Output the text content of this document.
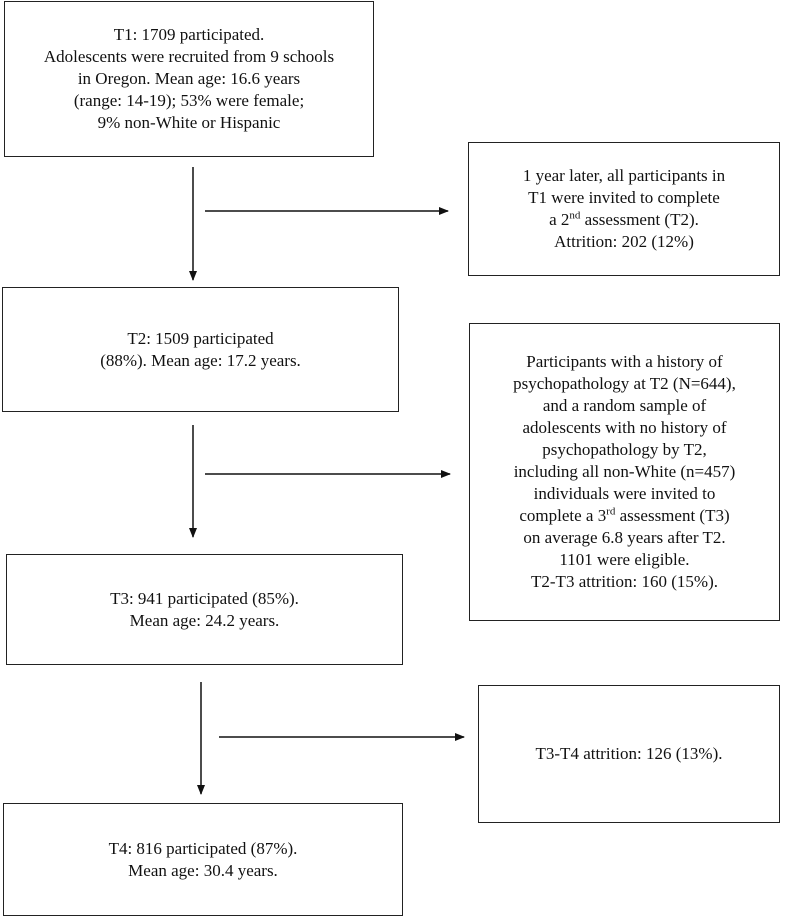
T1: 1709 participated.
Adolescents were recruited from 9 schools
in Oregon. Mean age: 16.6 years
(range: 14-19); 53% were female;
9% non-White or Hispanic
1 year later, all participants in
T1 were invited to complete
a 2nd assessment (T2).
Attrition: 202 (12%)
T2: 1509 participated
(88%). Mean age: 17.2 years.	Participants with a history of
psychopathology at T2 (N=644),
and a random sample of
adolescents with no history of
psychopathology by T2,
including all non-White (n=457)
individuals were invited to
complete a 3rd assessment (T3)
on average 6.8 years after T2.
1101 were eligible.
T2-T3 attrition: 160 (15%).
T3: 941 participated (85%).
Mean age: 24.2 years.
T3-T4 attrition: 126 (13%).
T4: 816 participated (87%).
Mean age: 30.4 years.
